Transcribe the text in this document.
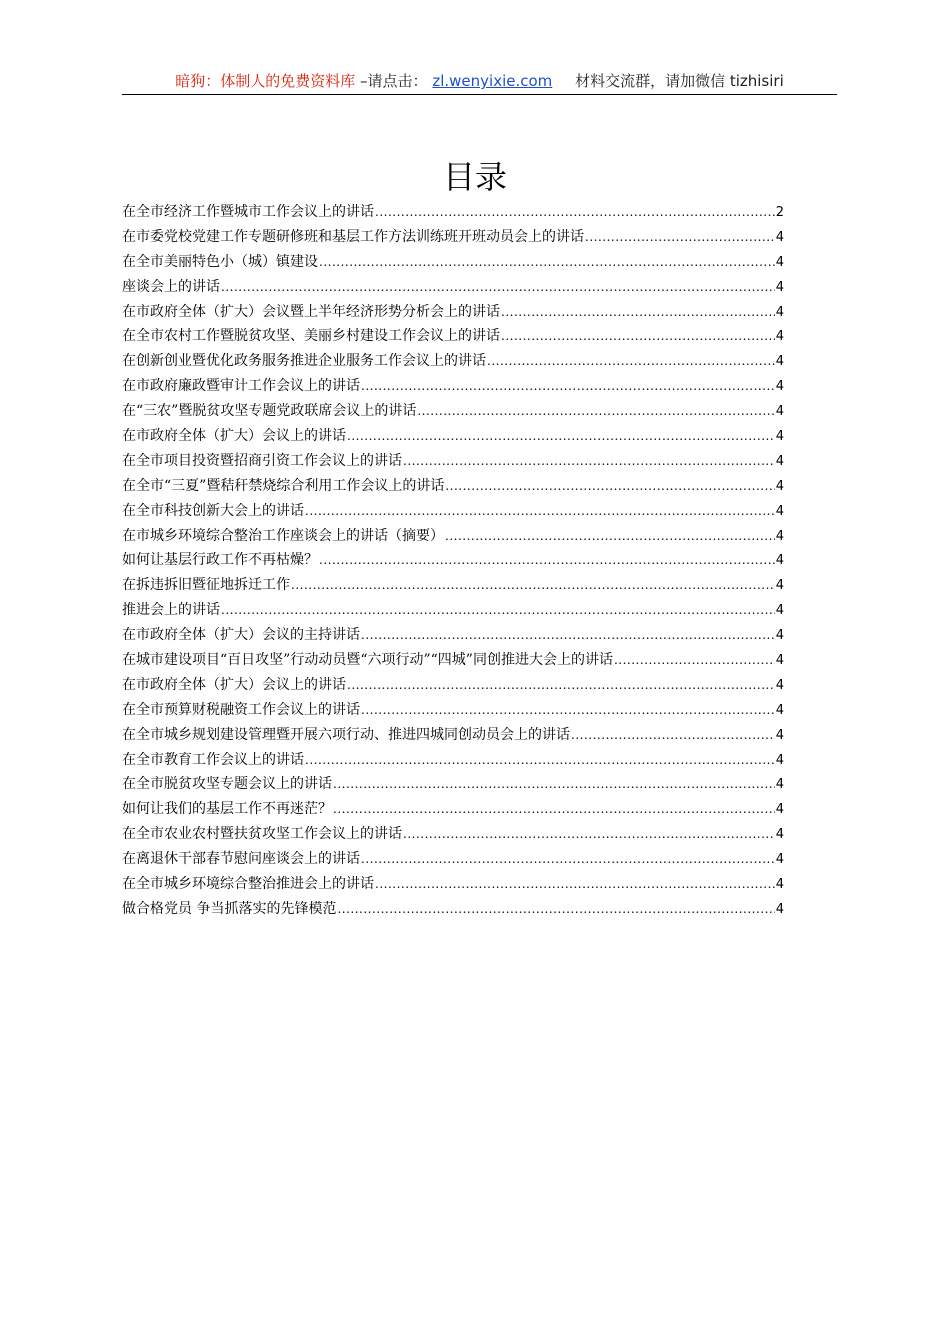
暗狗：体制人的免费资料库 –请点击： zl.wenyixie.com 材料交流群，请加微信 tizhisiri
目录
在全市经济工作暨城市工作会议上的讲话 .....	2
在市委党校党建工作专题研修班和基层工作方法训练班开班动员会上的讲话 .....	4
在全市美丽特色小（城）镇建设 .....	4
座谈会上的讲话 .....	4
在市政府全体（扩大）会议暨上半年经济形势分析会上的讲话 .....	4
在全市农村工作暨脱贫攻坚、美丽乡村建设工作会议上的讲话 .....	4
在创新创业暨优化政务服务推进企业服务工作会议上的讲话 .....	4
在市政府廉政暨审计工作会议上的讲话 .....	4
在“三农”暨脱贫攻坚专题党政联席会议上的讲话 .....	4
在市政府全体（扩大）会议上的讲话 .....	4
在全市项目投资暨招商引资工作会议上的讲话 .....	4
在全市“三夏”暨秸秆禁烧综合利用工作会议上的讲话 .....	4
在全市科技创新大会上的讲话 .....	4
在市城乡环境综合整治工作座谈会上的讲话（摘要） .....	4
如何让基层行政工作不再枯燥？ .....	4
在拆违拆旧暨征地拆迁工作 .....	4
推进会上的讲话 .....	4
在市政府全体（扩大）会议的主持讲话 .....	4
在城市建设项目“百日攻坚”行动动员暨“六项行动”“四城”同创推进大会上的讲话 .....	4
在市政府全体（扩大）会议上的讲话 .....	4
在全市预算财税融资工作会议上的讲话 .....	4
在全市城乡规划建设管理暨开展六项行动、推进四城同创动员会上的讲话 .....	4
在全市教育工作会议上的讲话 .....	4
在全市脱贫攻坚专题会议上的讲话 .....	4
如何让我们的基层工作不再迷茫？ .....	4
在全市农业农村暨扶贫攻坚工作会议上的讲话 .....	4
在离退休干部春节慰问座谈会上的讲话 .....	4
在全市城乡环境综合整治推进会上的讲话 .....	4
做合格党员 争当抓落实的先锋模范 .....	4
